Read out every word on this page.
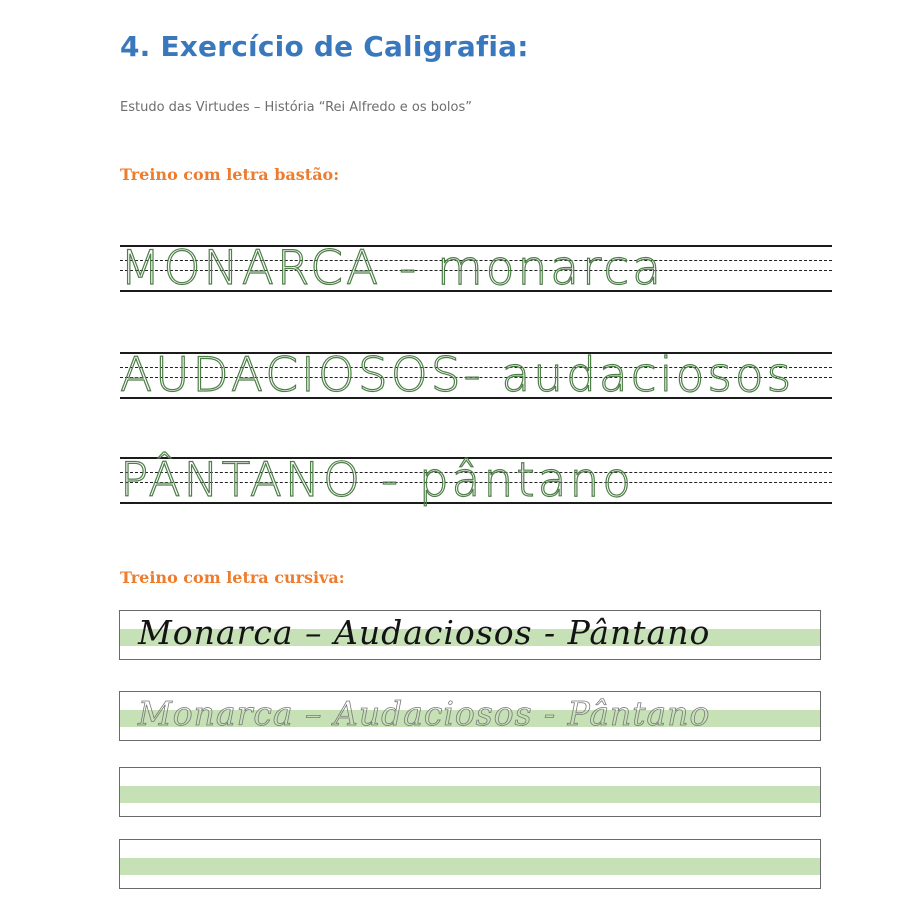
4. Exercício de Caligrafia:
Estudo das Virtudes – História “Rei Alfredo e os bolos”
Treino com letra bastão:
MONARCA - monarca
AUDACIOSOS- audaciosos
PÂNTANO - pântano
Treino com letra cursiva:
Monarca – Audaciosos - Pântano
Monarca – Audaciosos - Pântano
